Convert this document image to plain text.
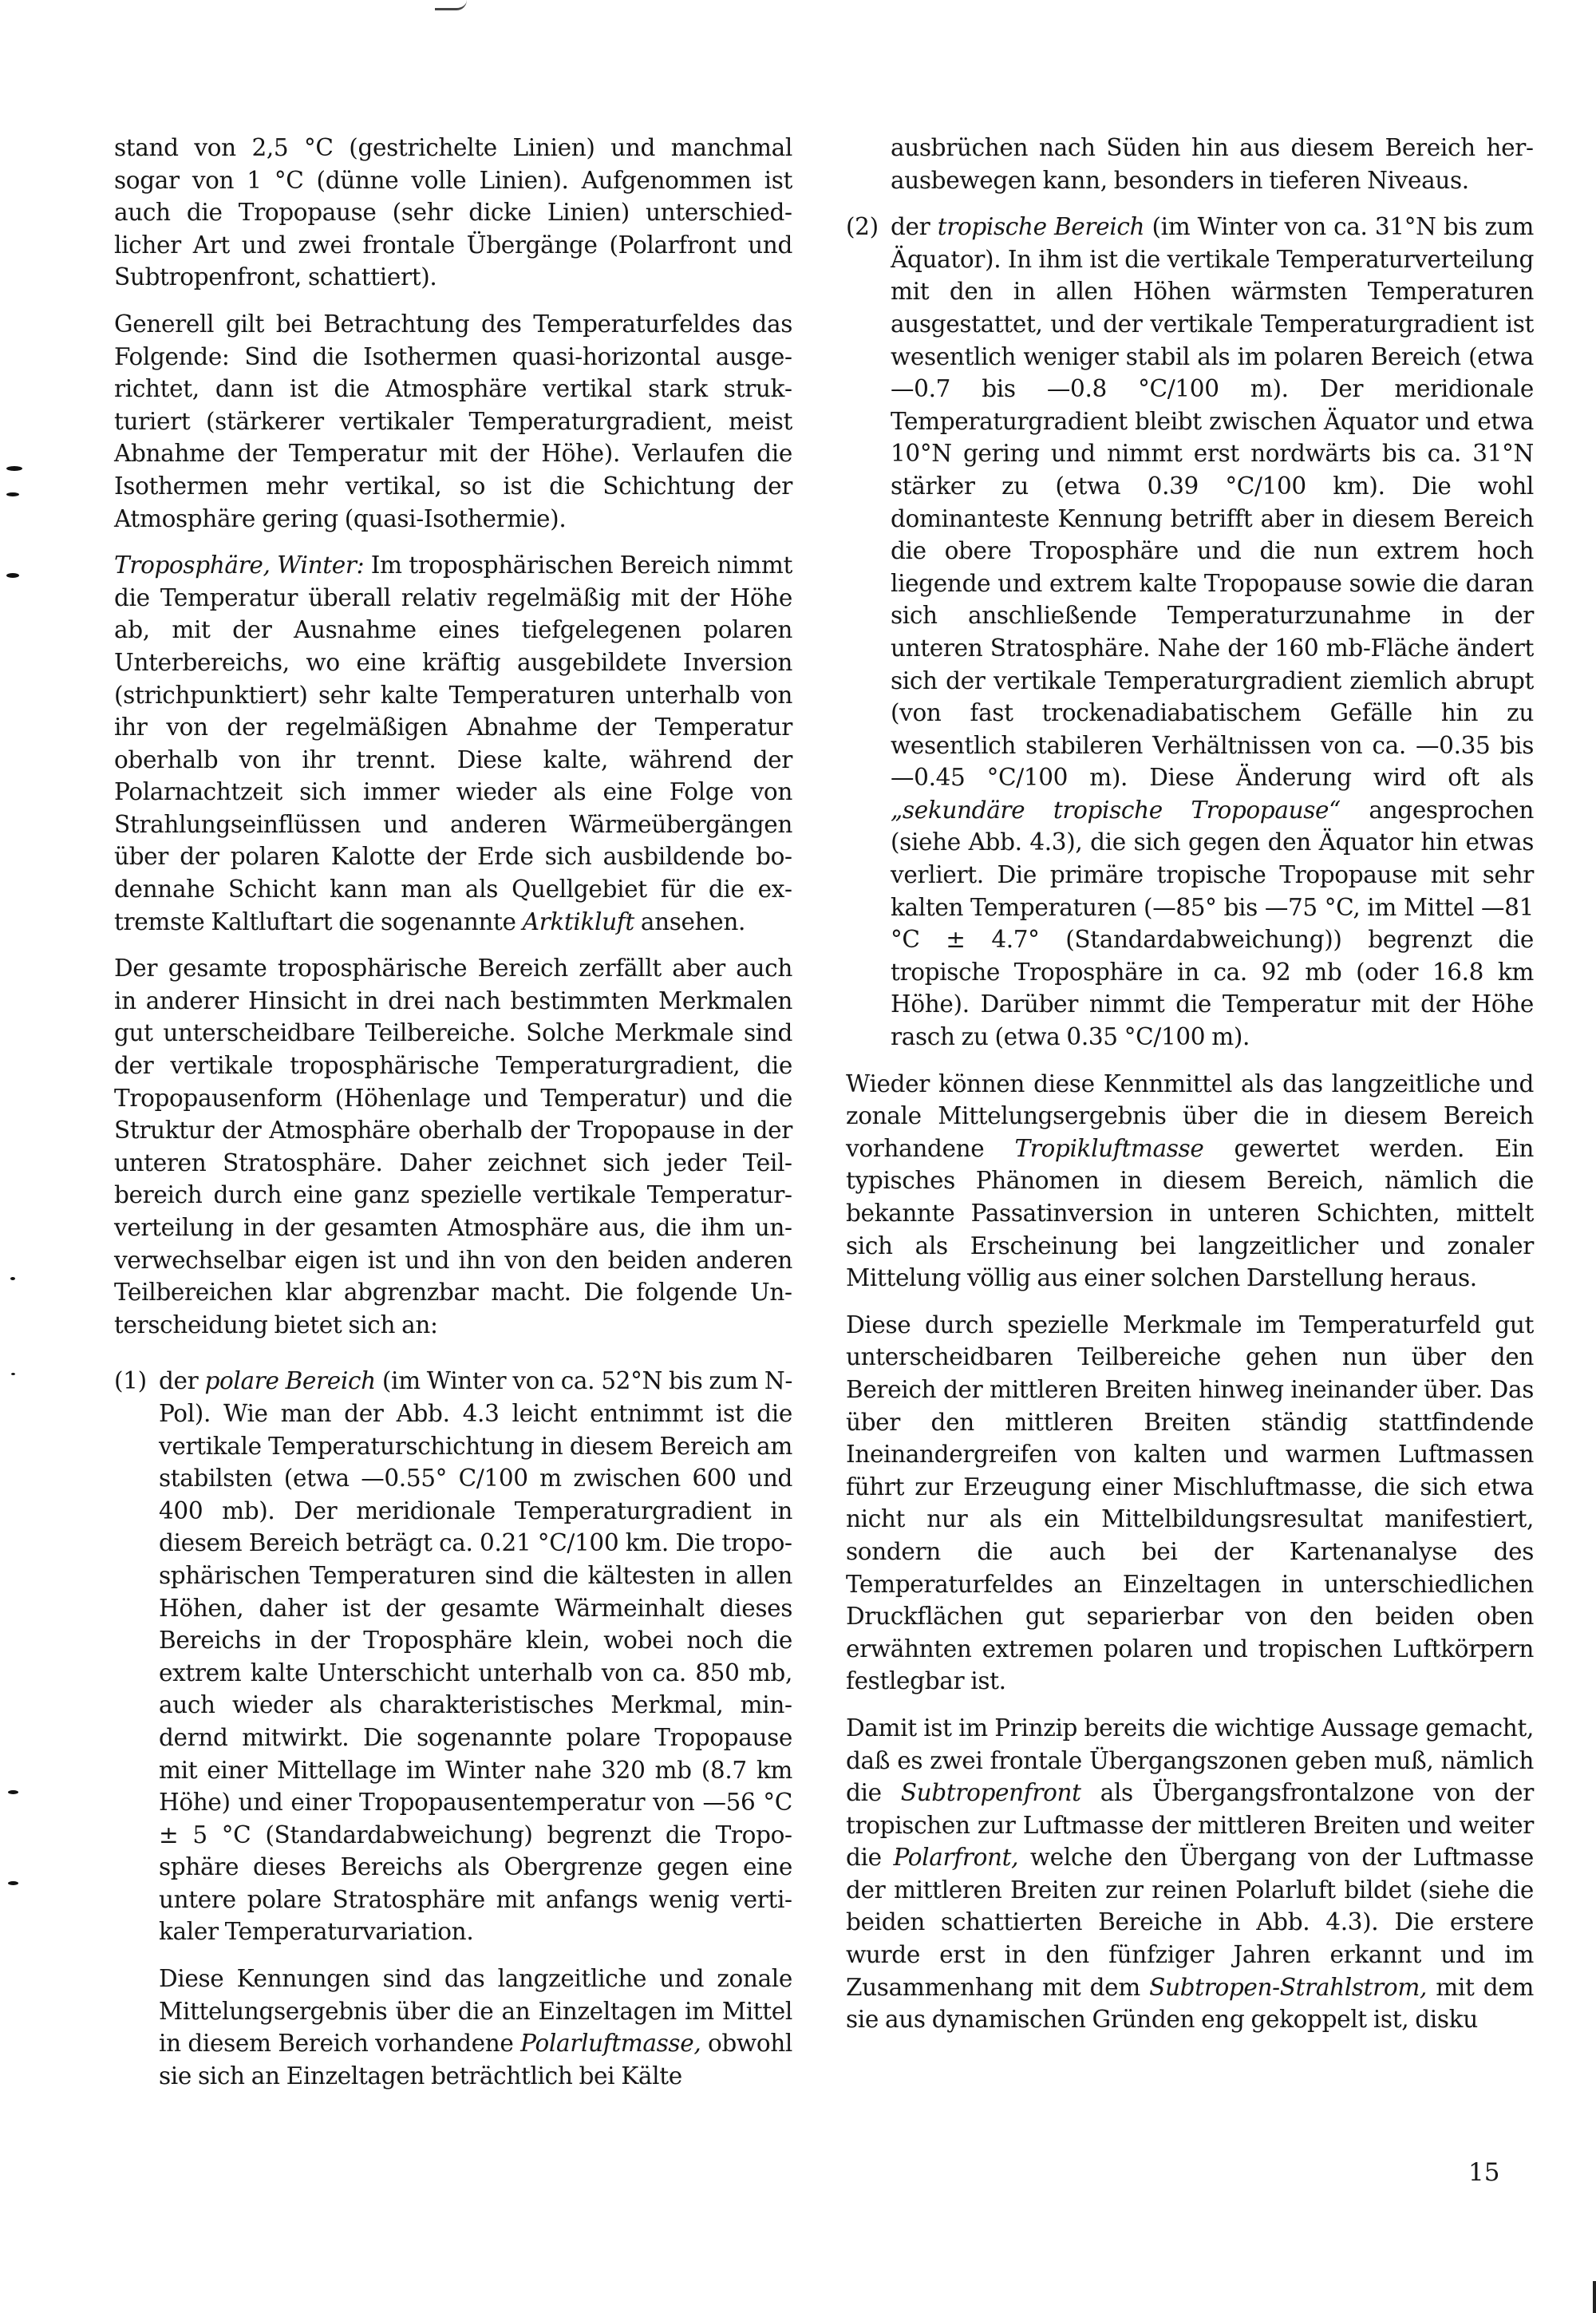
stand von 2,5 °C (gestrichelte Linien) und manchmal sogar von 1 °C (dünne volle Linien). Aufgenommen ist auch die Tropopause (sehr dicke Linien) unterschiedlicher Art und zwei frontale Übergänge (Polarfront und Subtropenfront, schattiert).

Generell gilt bei Betrachtung des Temperaturfeldes das Folgende: Sind die Isothermen quasi-horizontal ausgerichtet, dann ist die Atmosphäre vertikal stark strukturiert (stärkerer vertikaler Temperaturgradient, meist Abnahme der Temperatur mit der Höhe). Verlaufen die Isothermen mehr vertikal, so ist die Schichtung der Atmosphäre gering (quasi-Isothermie).

Troposphäre, Winter: Im troposphärischen Bereich nimmt die Temperatur überall relativ regelmäßig mit der Höhe ab, mit der Ausnahme eines tiefgelegenen polaren Unterbereichs, wo eine kräftig ausgebildete Inversion (strichpunktiert) sehr kalte Temperaturen unterhalb von ihr von der regelmäßigen Abnahme der Temperatur oberhalb von ihr trennt. Diese kalte, während der Polarnachtzeit sich immer wieder als eine Folge von Strahlungseinflüssen und anderen Wärmeübergängen über der polaren Kalotte der Erde sich ausbildende bodennahe Schicht kann man als Quellgebiet für die extremste Kaltluftart die sogenannte Arktikluft ansehen.

Der gesamte troposphärische Bereich zerfällt aber auch in anderer Hinsicht in drei nach bestimmten Merkmalen gut unterscheidbare Teilbereiche. Solche Merkmale sind der vertikale troposphärische Temperaturgradient, die Tropopausenform (Höhenlage und Temperatur) und die Struktur der Atmosphäre oberhalb der Tropopause in der unteren Stratosphäre. Daher zeichnet sich jeder Teilbereich durch eine ganz spezielle vertikale Temperaturverteilung in der gesamten Atmosphäre aus, die ihm unverwechselbar eigen ist und ihn von den beiden anderen Teilbereichen klar abgrenzbar macht. Die folgende Unterscheidung bietet sich an:

(1) der polare Bereich (im Winter von ca. 52°N bis zum N-Pol). Wie man der Abb. 4.3 leicht entnimmt ist die vertikale Temperaturschichtung in diesem Bereich am stabilsten (etwa —0.55° C/100 m zwischen 600 und 400 mb). Der meridionale Temperaturgradient in diesem Bereich beträgt ca. 0.21 °C/100 km. Die troposphärischen Temperaturen sind die kältesten in allen Höhen, daher ist der gesamte Wärmeinhalt dieses Bereichs in der Troposphäre klein, wobei noch die extrem kalte Unterschicht unterhalb von ca. 850 mb, auch wieder als charakteristisches Merkmal, mindernd mitwirkt. Die sogenannte polare Tropopause mit einer Mittellage im Winter nahe 320 mb (8.7 km Höhe) und einer Tropopausentemperatur von —56 °C ± 5 °C (Standardabweichung) begrenzt die Troposphäre dieses Bereichs als Obergrenze gegen eine untere polare Stratosphäre mit anfangs wenig vertikaler Temperaturvariation.

Diese Kennungen sind das langzeitliche und zonale Mittelungsergebnis über die an Einzeltagen im Mittel in diesem Bereich vorhandene Polarluftmasse, obwohl sie sich an Einzeltagen beträchtlich bei Kälte

ausbrüchen nach Süden hin aus diesem Bereich herausbewegen kann, besonders in tieferen Niveaus.

(2) der tropische Bereich (im Winter von ca. 31°N bis zum Äquator). In ihm ist die vertikale Temperaturverteilung mit den in allen Höhen wärmsten Temperaturen ausgestattet, und der vertikale Temperaturgradient ist wesentlich weniger stabil als im polaren Bereich (etwa —0.7 bis —0.8 °C/100 m). Der meridionale Temperaturgradient bleibt zwischen Äquator und etwa 10°N gering und nimmt erst nordwärts bis ca. 31°N stärker zu (etwa 0.39 °C/100 km). Die wohl dominanteste Kennung betrifft aber in diesem Bereich die obere Troposphäre und die nun extrem hoch liegende und extrem kalte Tropopause sowie die daran sich anschließende Temperaturzunahme in der unteren Stratosphäre. Nahe der 160 mb-Fläche ändert sich der vertikale Temperaturgradient ziemlich abrupt (von fast trockenadiabatischem Gefälle hin zu wesentlich stabileren Verhältnissen von ca. —0.35 bis —0.45 °C/100 m). Diese Änderung wird oft als „sekundäre tropische Tropopause“ angesprochen (siehe Abb. 4.3), die sich gegen den Äquator hin etwas verliert. Die primäre tropische Tropopause mit sehr kalten Temperaturen (—85° bis —75 °C, im Mittel —81 °C ± 4.7° (Standardabweichung)) begrenzt die tropische Troposphäre in ca. 92 mb (oder 16.8 km Höhe). Darüber nimmt die Temperatur mit der Höhe rasch zu (etwa 0.35 °C/100 m).

Wieder können diese Kennmittel als das langzeitliche und zonale Mittelungsergebnis über die in diesem Bereich vorhandene Tropikluftmasse gewertet werden. Ein typisches Phänomen in diesem Bereich, nämlich die bekannte Passatinversion in unteren Schichten, mittelt sich als Erscheinung bei langzeitlicher und zonaler Mittelung völlig aus einer solchen Darstellung heraus.

Diese durch spezielle Merkmale im Temperaturfeld gut unterscheidbaren Teilbereiche gehen nun über den Bereich der mittleren Breiten hinweg ineinander über. Das über den mittleren Breiten ständig stattfindende Ineinandergreifen von kalten und warmen Luftmassen führt zur Erzeugung einer Mischluftmasse, die sich etwa nicht nur als ein Mittelbildungsresultat manifestiert, sondern die auch bei der Kartenanalyse des Temperaturfeldes an Einzeltagen in unterschiedlichen Druckflächen gut separierbar von den beiden oben erwähnten extremen polaren und tropischen Luftkörpern festlegbar ist.

Damit ist im Prinzip bereits die wichtige Aussage gemacht, daß es zwei frontale Übergangszonen geben muß, nämlich die Subtropenfront als Übergangsfrontalzone von der tropischen zur Luftmasse der mittleren Breiten und weiter die Polarfront, welche den Übergang von der Luftmasse der mittleren Breiten zur reinen Polarluft bildet (siehe die beiden schattierten Bereiche in Abb. 4.3). Die erstere wurde erst in den fünfziger Jahren erkannt und im Zusammenhang mit dem Subtropen-Strahlstrom, mit dem sie aus dynamischen Gründen eng gekoppelt ist, disku

15
